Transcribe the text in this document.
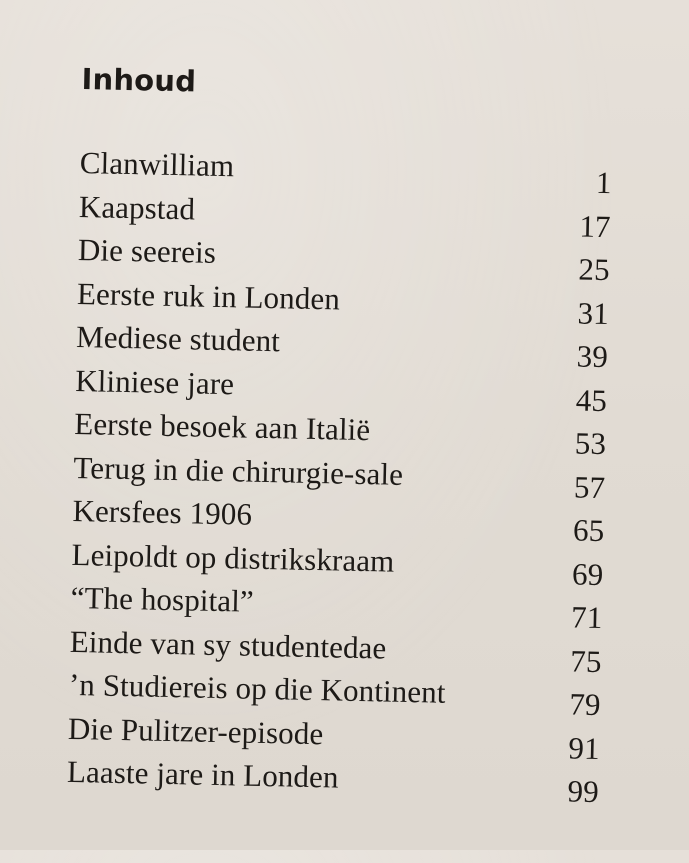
Inhoud
Clanwilliam	1
Kaapstad	17
Die seereis	25
Eerste ruk in Londen	31
Mediese student	39
Kliniese jare	45
Eerste besoek aan Italië	53
Terug in die chirurgie-sale	57
Kersfees 1906	65
Leipoldt op distrikskraam	69
“The hospital”	71
Einde van sy studentedae	75
’n Studiereis op die Kontinent	79
Die Pulitzer-episode	91
Laaste jare in Londen	99
